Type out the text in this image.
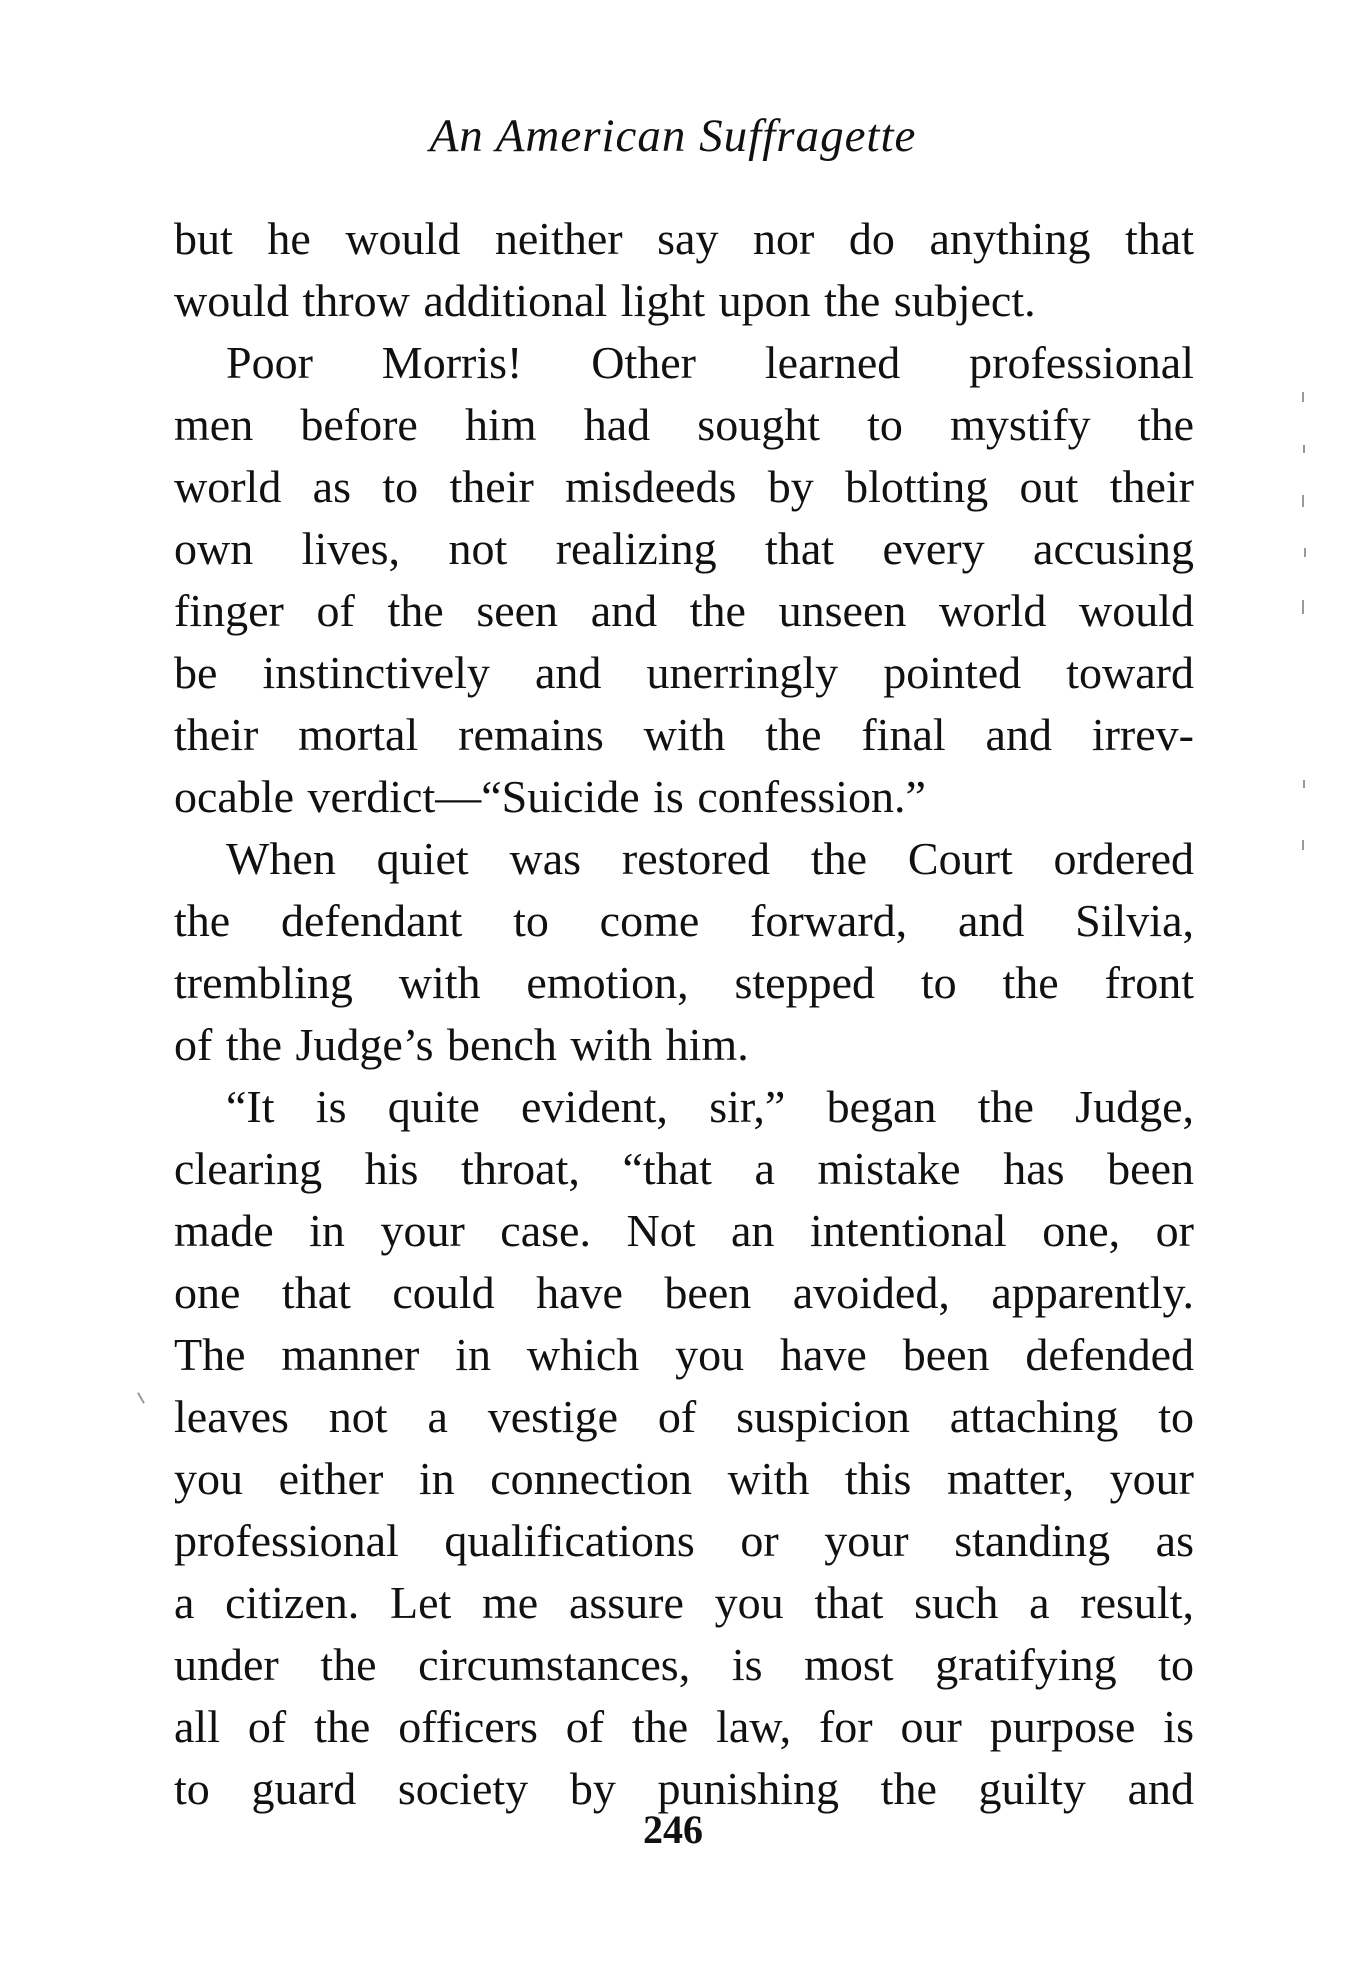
An American Suffragette
but he would neither say nor do anything that
would throw additional light upon the subject.
Poor Morris! Other learned professional
men before him had sought to mystify the
world as to their misdeeds by blotting out their
own lives, not realizing that every accusing
finger of the seen and the unseen world would
be instinctively and unerringly pointed toward
their mortal remains with the final and irrev-
ocable verdict—“Suicide is confession.”
When quiet was restored the Court ordered
the defendant to come forward, and Silvia,
trembling with emotion, stepped to the front
of the Judge’s bench with him.
“It is quite evident, sir,” began the Judge,
clearing his throat, “that a mistake has been
made in your case. Not an intentional one, or
one that could have been avoided, apparently.
The manner in which you have been defended
leaves not a vestige of suspicion attaching to
you either in connection with this matter, your
professional qualifications or your standing as
a citizen. Let me assure you that such a result,
under the circumstances, is most gratifying to
all of the officers of the law, for our purpose is
to guard society by punishing the guilty and
246
